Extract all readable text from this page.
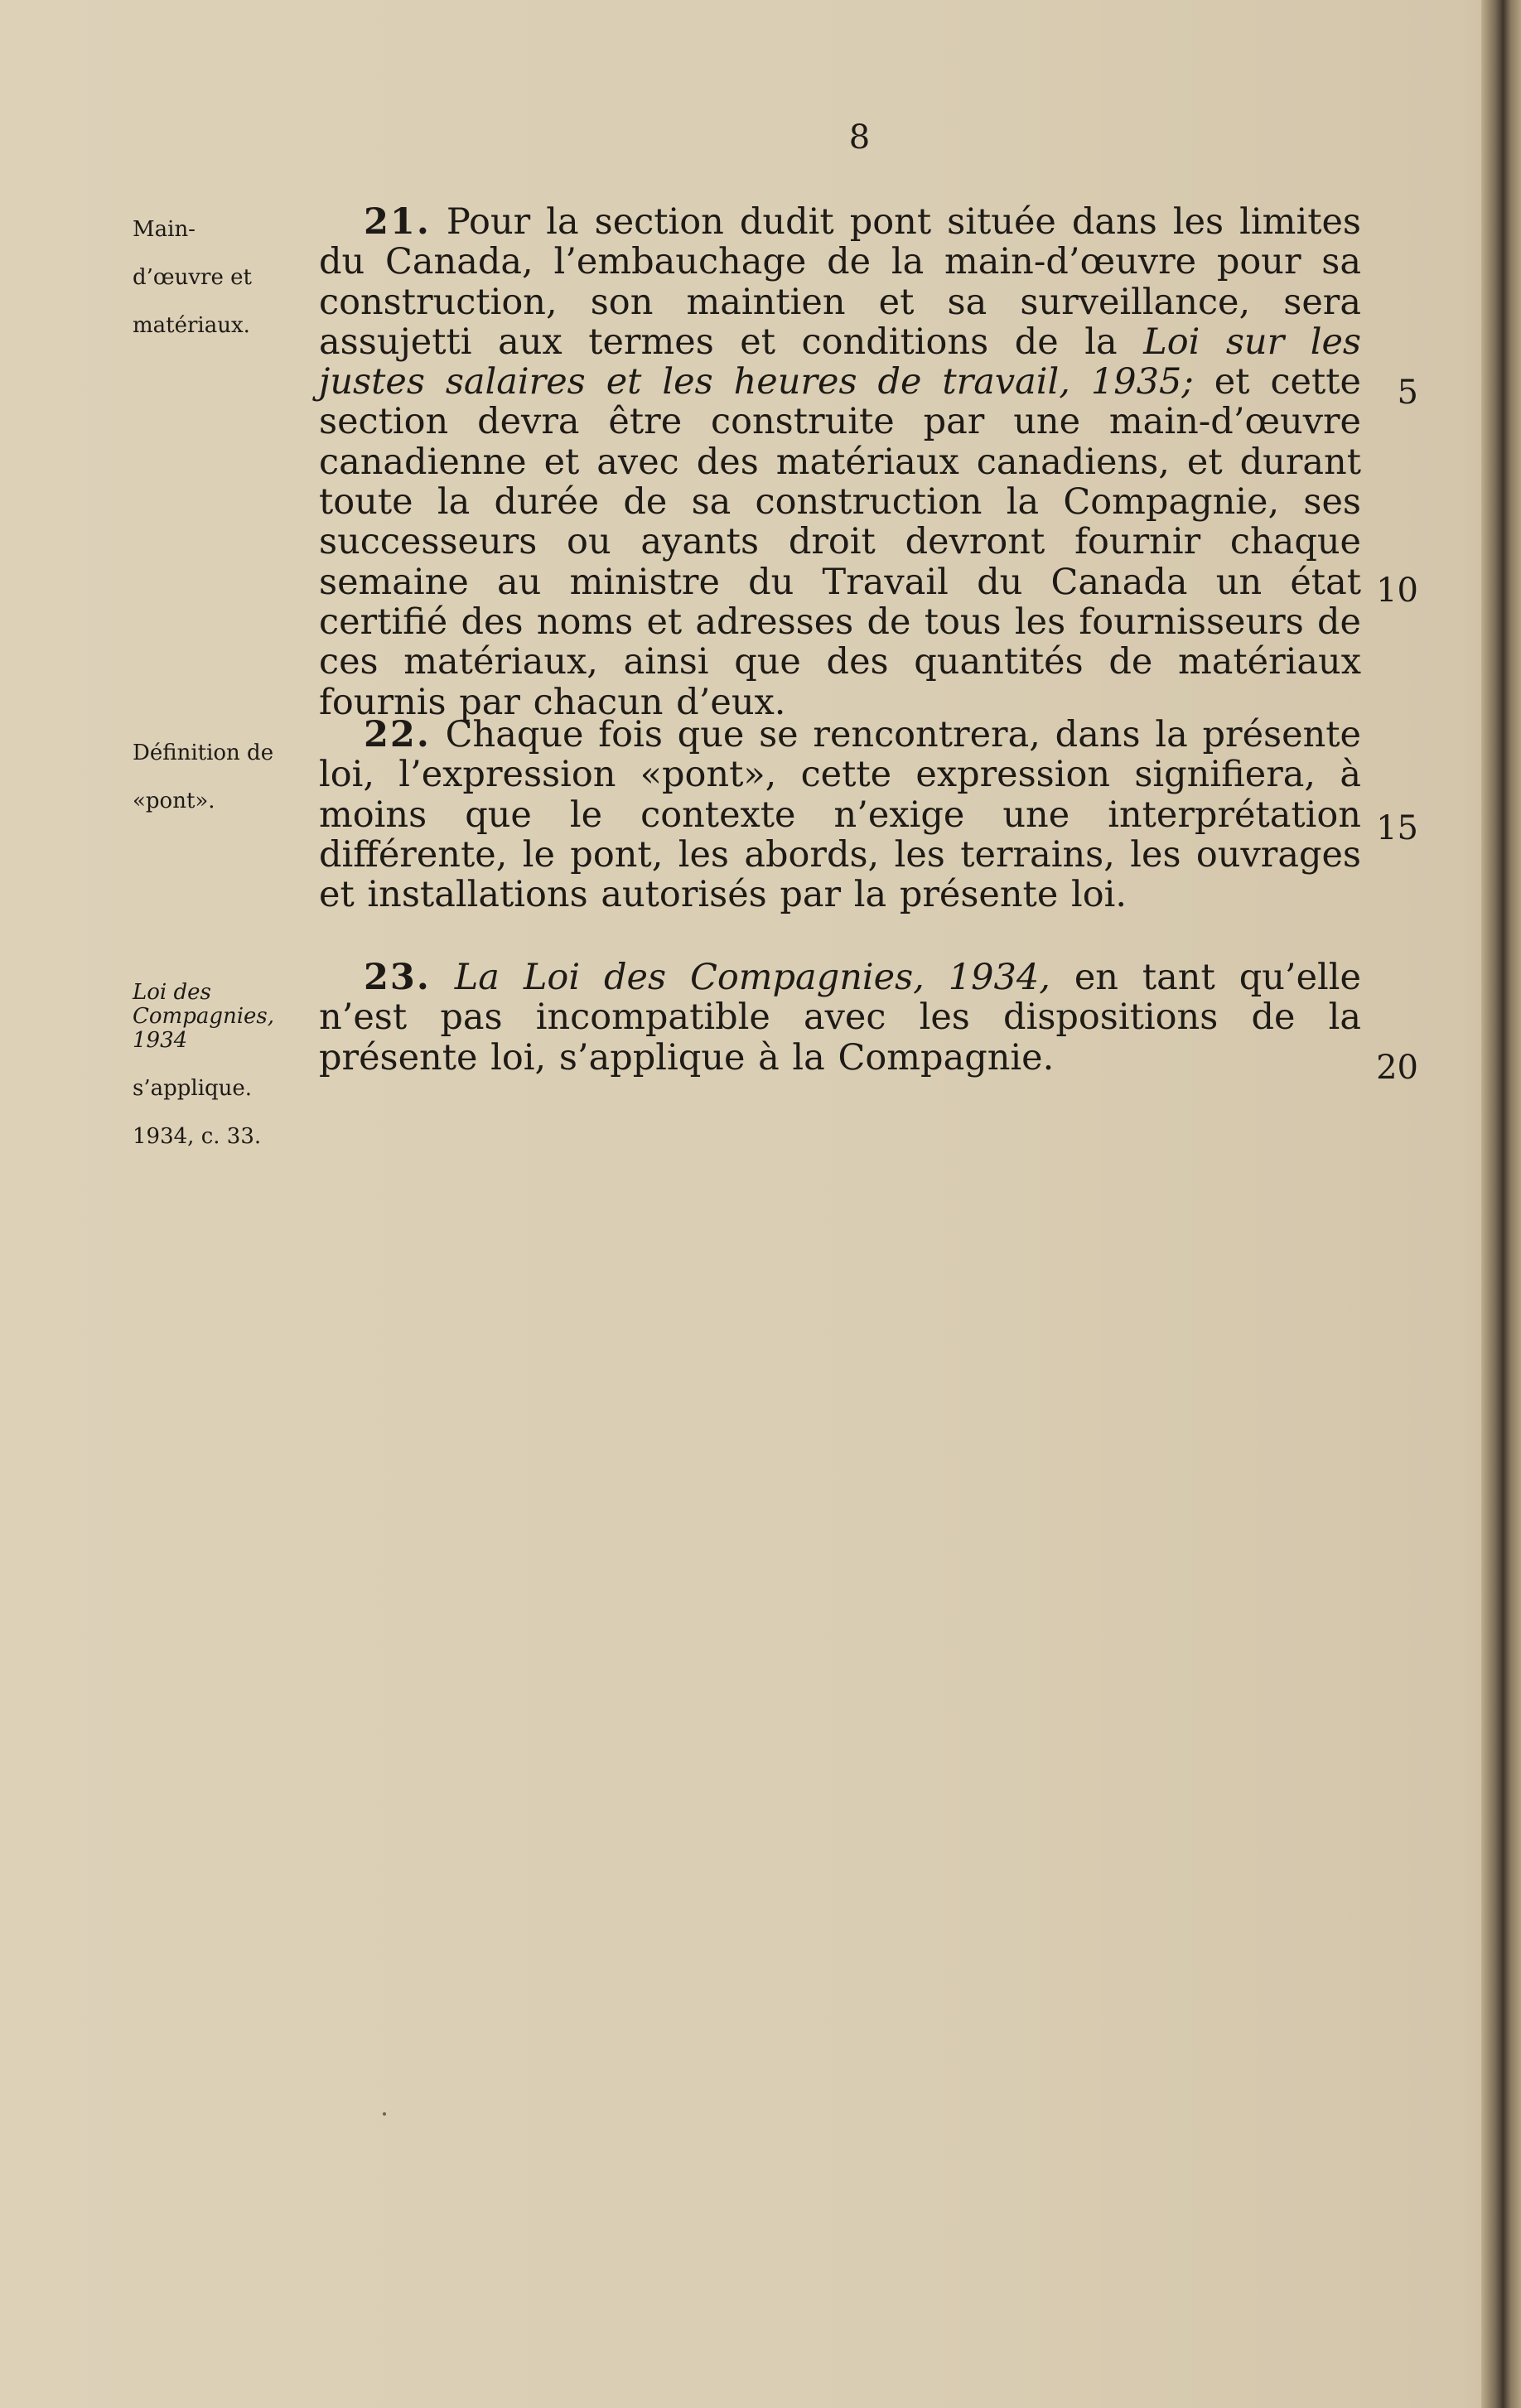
8

Main-

d’œuvre et

matériaux.

21. Pour la section dudit pont située dans les limites du Canada, l’embauchage de la main-d’œuvre pour sa construction, son maintien et sa surveillance, sera assujetti aux termes et conditions de la Loi sur les justes salaires et les heures de travail, 1935; et cette section devra être construite par une main-d’œuvre canadienne et avec des matériaux canadiens, et durant toute la durée de sa construction la Compagnie, ses successeurs ou ayants droit devront fournir chaque semaine au ministre du Travail du Canada un état certifié des noms et adresses de tous les fournisseurs de ces matériaux, ainsi que des quantités de matériaux fournis par chacun d’eux.

Définition de

«pont».

22. Chaque fois que se rencontrera, dans la présente loi, l’expression «pont», cette expression signifiera, à moins que le contexte n’exige une interprétation différente, le pont, les abords, les terrains, les ouvrages et installations autorisés par la présente loi.

Loi des Compagnies, 1934

s’applique.

1934, c. 33.

23. La Loi des Compagnies, 1934, en tant qu’elle n’est pas incompatible avec les dispositions de la présente loi, s’applique à la Compagnie.
5
10
15
20
